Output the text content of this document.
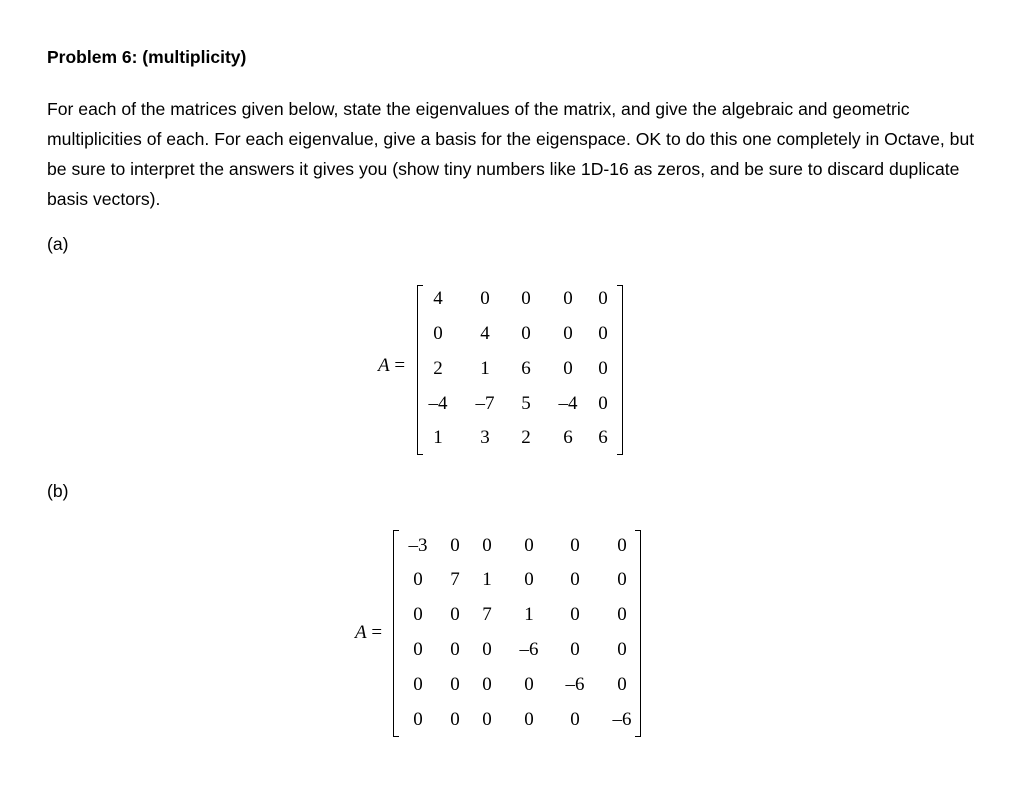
Problem 6: (multiplicity)

For each of the matrices given below, state the eigenvalues of the matrix, and give the algebraic and geometric multiplicities of each. For each eigenvalue, give a basis for the eigenspace. OK to do this one completely in Octave, but be sure to interpret the answers it gives you (show tiny numbers like 1D-16 as zeros, and be sure to discard duplicate basis vectors).

(a)
A =
4	0	0	0	0
0	4	0	0	0
2	1	6	0	0
–4	–7	5	–4	0
1	3	2	6	6
(b)
A =
–3	0	0	0	0	0
0	7	1	0	0	0
0	0	7	1	0	0
0	0	0	–6	0	0
0	0	0	0	–6	0
0	0	0	0	0	–6
